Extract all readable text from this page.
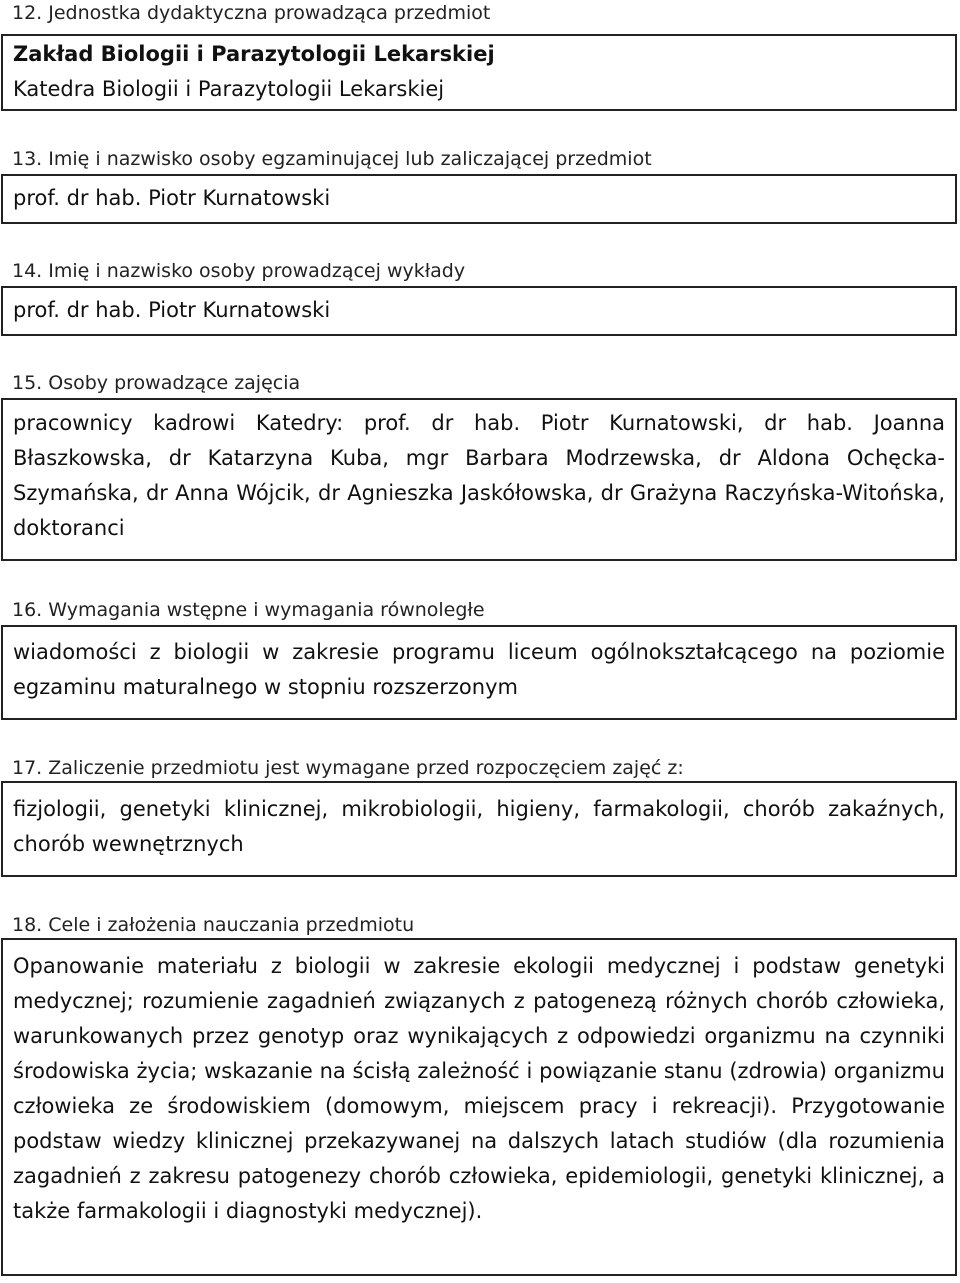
12. Jednostka dydaktyczna prowadząca przedmiot

Zakład Biologii i Parazytologii Lekarskiej

Katedra Biologii i Parazytologii Lekarskiej

13. Imię i nazwisko osoby egzaminującej lub zaliczającej przedmiot

prof. dr hab. Piotr Kurnatowski

14. Imię i nazwisko osoby prowadzącej wykłady

prof. dr hab. Piotr Kurnatowski

15. Osoby prowadzące zajęcia

pracownicy kadrowi Katedry: prof. dr hab. Piotr Kurnatowski, dr hab. Joanna Błaszkowska, dr Katarzyna Kuba, mgr Barbara Modrzewska, dr Aldona Ochęcka-Szymańska, dr Anna Wójcik, dr Agnieszka Jaskółowska, dr Grażyna Raczyńska-Witońska, doktoranci

16. Wymagania wstępne i wymagania równoległe

wiadomości z biologii w zakresie programu liceum ogólnokształcącego na poziomie egzaminu maturalnego w stopniu rozszerzonym

17. Zaliczenie przedmiotu jest wymagane przed rozpoczęciem zajęć z:

fizjologii, genetyki klinicznej, mikrobiologii, higieny, farmakologii, chorób zakaźnych, chorób wewnętrznych

18. Cele i założenia nauczania przedmiotu

Opanowanie materiału z biologii w zakresie ekologii medycznej i podstaw genetyki medycznej; rozumienie zagadnień związanych z patogenezą różnych chorób człowieka, warunkowanych przez genotyp oraz wynikających z odpowiedzi organizmu na czynniki środowiska życia; wskazanie na ścisłą zależność i powiązanie stanu (zdrowia) organizmu człowieka ze środowiskiem (domowym, miejscem pracy i rekreacji). Przygotowanie podstaw wiedzy klinicznej przekazywanej na dalszych latach studiów (dla rozumienia zagadnień z zakresu patogenezy chorób człowieka, epidemiologii, genetyki klinicznej, a także farmakologii i diagnostyki medycznej).
